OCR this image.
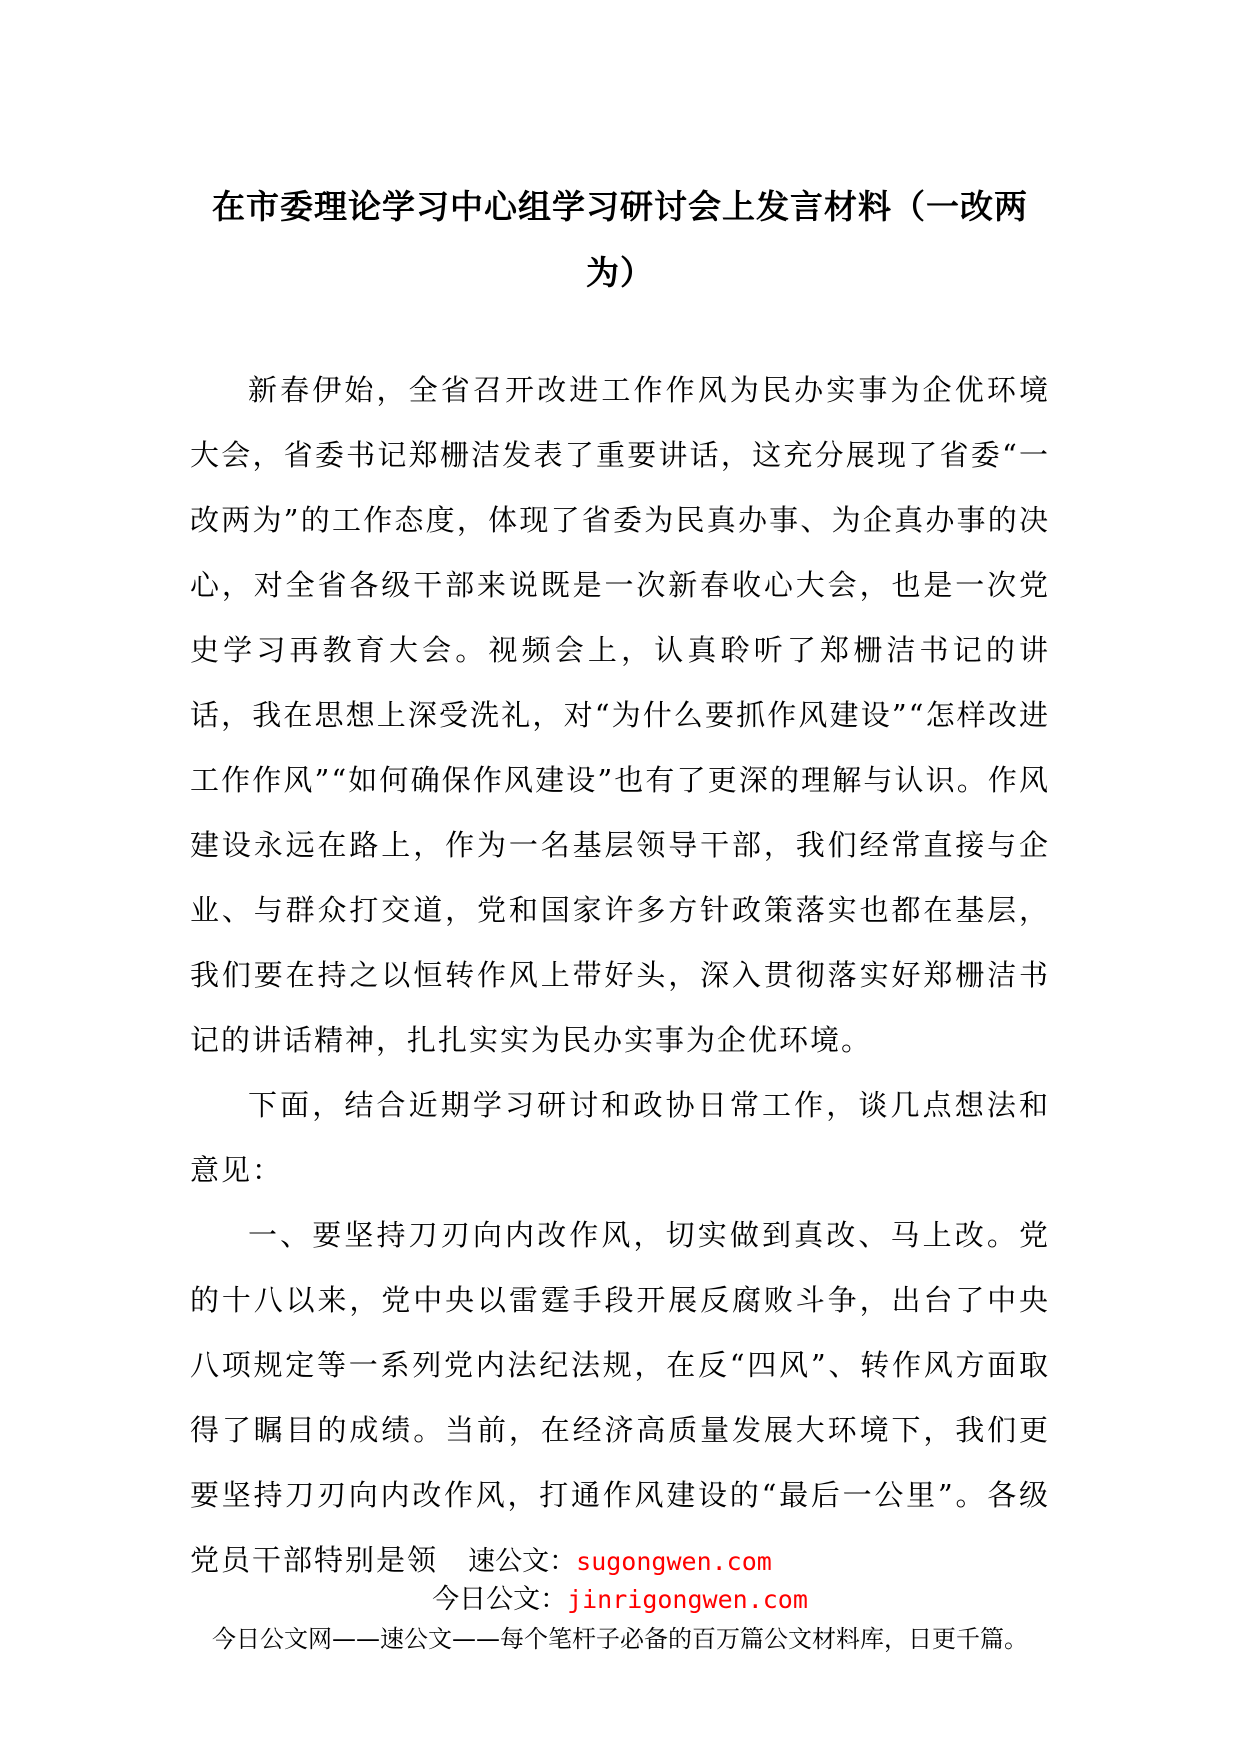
在市委理论学习中心组学习研讨会上发言材料（一改两为）

新春伊始，全省召开改进工作作风为民办实事为企优环境大会，省委书记郑栅洁发表了重要讲话，这充分展现了省委“一改两为”的工作态度，体现了省委为民真办事、为企真办事的决心，对全省各级干部来说既是一次新春收心大会，也是一次党史学习再教育大会。视频会上，认真聆听了郑栅洁书记的讲话，我在思想上深受洗礼，对“为什么要抓作风建设”“怎样改进工作作风”“如何确保作风建设”也有了更深的理解与认识。作风建设永远在路上，作为一名基层领导干部，我们经常直接与企业、与群众打交道，党和国家许多方针政策落实也都在基层，我们要在持之以恒转作风上带好头，深入贯彻落实好郑栅洁书记的讲话精神，扎扎实实为民办实事为企优环境。

下面，结合近期学习研讨和政协日常工作，谈几点想法和意见：

一、要坚持刀刃向内改作风，切实做到真改、马上改。党的十八以来，党中央以雷霆手段开展反腐败斗争，出台了中央八项规定等一系列党内法纪法规，在反“四风”、转作风方面取得了瞩目的成绩。当前，在经济高质量发展大环境下，我们更要坚持刀刃向内改作风，打通作风建设的“最后一公里”。各级党员干部特别是领	速公文：sugongwen.com
今日公文：jinrigongwen.com
今日公文网——速公文——每个笔杆子必备的百万篇公文材料库，日更千篇。
